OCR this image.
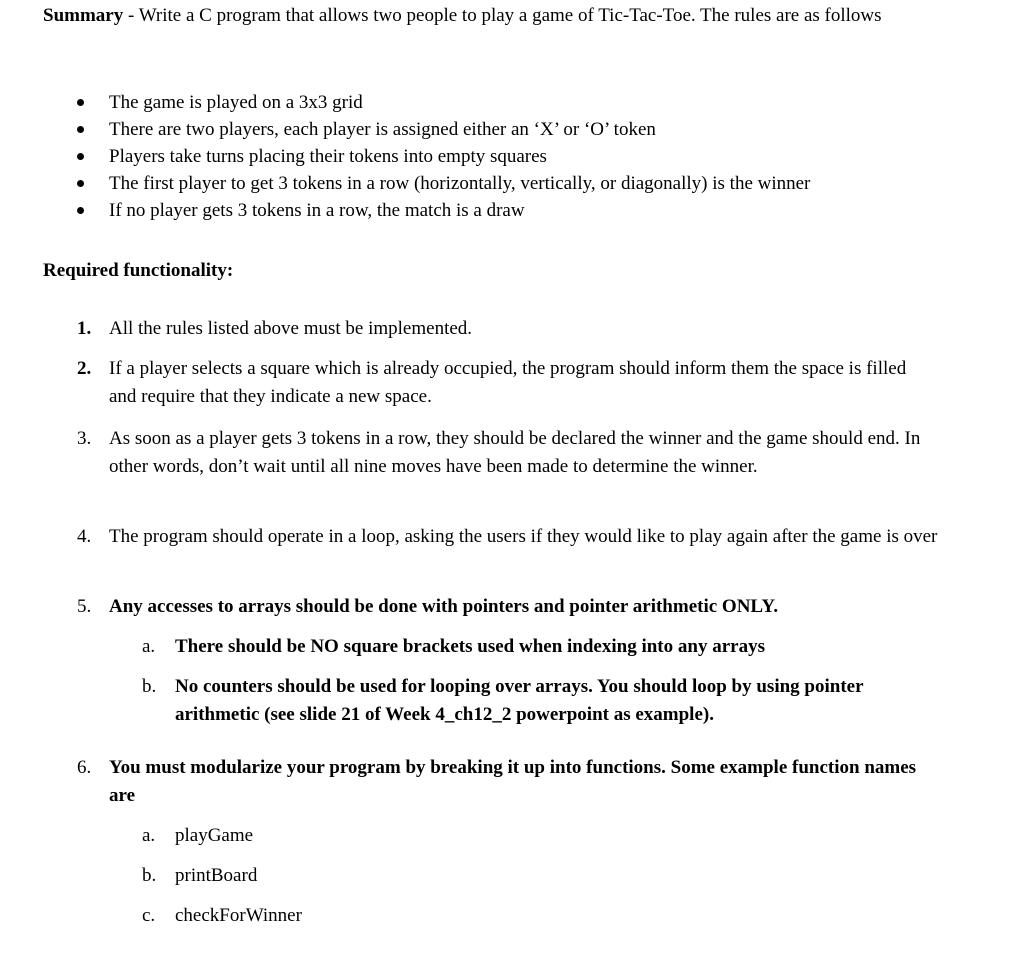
Summary - Write a C program that allows two people to play a game of Tic-Tac-Toe. The rules are as follows
The game is played on a 3x3 grid
There are two players, each player is assigned either an ‘X’ or ‘O’ token
Players take turns placing their tokens into empty squares
The first player to get 3 tokens in a row (horizontally, vertically, or diagonally) is the winner
If no player gets 3 tokens in a row, the match is a draw
Required functionality:
1. All the rules listed above must be implemented.
2. If a player selects a square which is already occupied, the program should inform them the space is filled and require that they indicate a new space.
3. As soon as a player gets 3 tokens in a row, they should be declared the winner and the game should end. In other words, don’t wait until all nine moves have been made to determine the winner.
4. The program should operate in a loop, asking the users if they would like to play again after the game is over
5. Any accesses to arrays should be done with pointers and pointer arithmetic ONLY.
a. There should be NO square brackets used when indexing into any arrays
b. No counters should be used for looping over arrays. You should loop by using pointer arithmetic (see slide 21 of Week 4_ch12_2 powerpoint as example).
6. You must modularize your program by breaking it up into functions. Some example function names are
a. playGame
b. printBoard
c. checkForWinner
